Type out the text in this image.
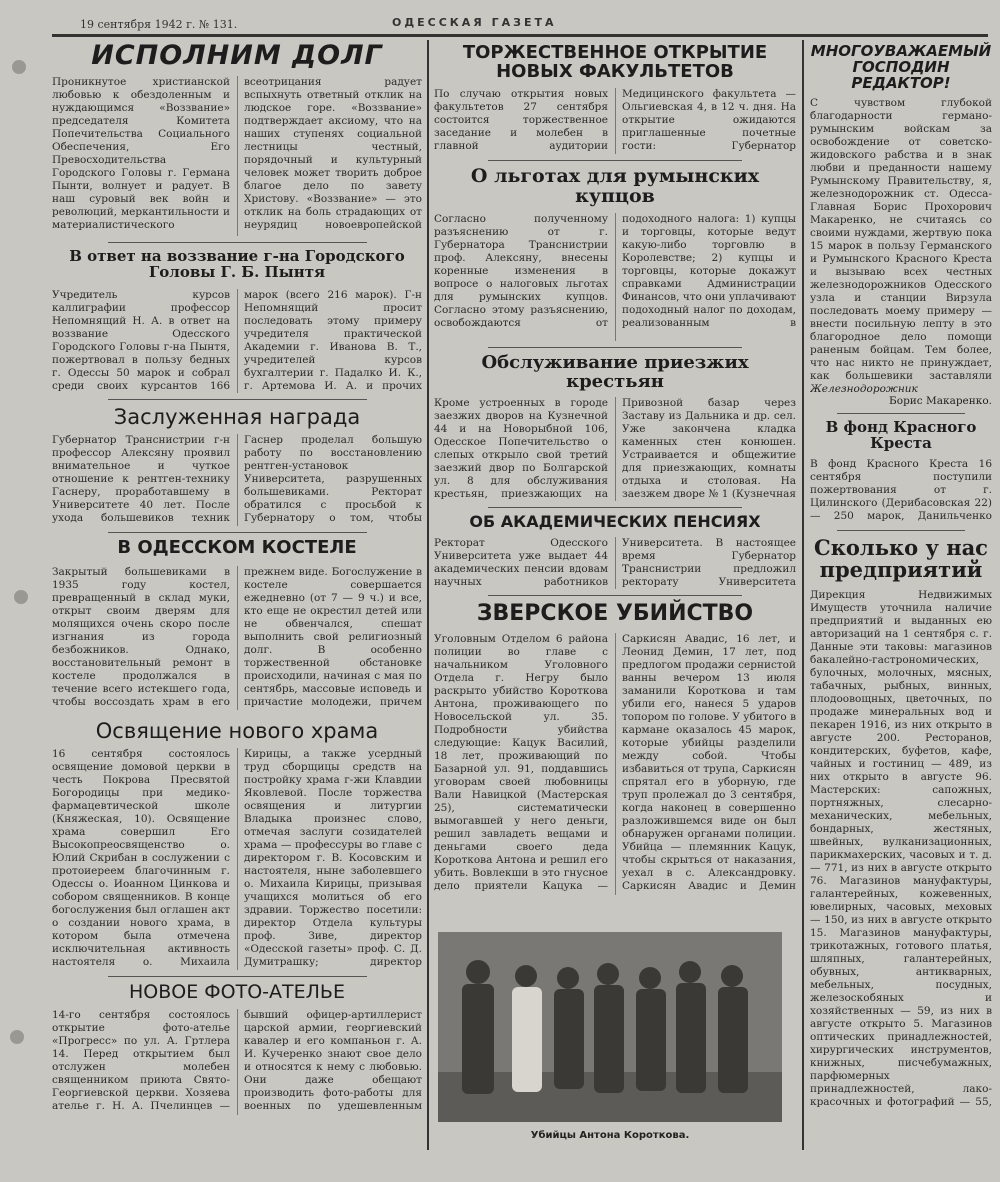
19 сентября 1942 г. № 131.	ОДЕССКАЯ ГАЗЕТА
ИСПОЛНИМ ДОЛГ

Проникнутое христианской любовью к обездоленным и нуждающимся «Воззвание» председателя Комитета Попечительства Социального Обеспечения, Его Превосходительства Городского Головы г. Германа Пынти, волнует и радует. В наш суровый век войн и революций, меркантильности и материалистического всеотрицания радует вспыхнуть ответный отклик на людское горе. «Воззвание» подтверждает аксиому, что на наших ступенях социальной лестницы честный, порядочный и культурный человек может творить доброе благое дело по завету Христову. «Воззвание» — это отклик на боль страдающих от неурядиц новоевропейской

В ответ на воззвание г-на Городского Головы Г. Б. Пынтя

Учредитель курсов каллиграфии профессор Непомнящий Н. А. в ответ на воззвание Одесского Городского Головы г-на Пынтя, пожертвовал в пользу бедных г. Одессы 50 марок и собрал среди своих курсантов 166 марок (всего 216 марок). Г-н Непомнящий просит последовать этому примеру учредителя практической Академии г. Иванова В. Т., учредителей курсов бухгалтерии г. Падалко И. К., г. Артемова И. А. и прочих

Заслуженная награда

Губернатор Транснистрии г-н профессор Алексяну проявил внимательное и чуткое отношение к рентген-технику Гаснеру, проработавшему в Университете 40 лет. После ухода большевиков техник Гаснер проделал большую работу по восстановлению рентген-установок Университета, разрушенных большевиками. Ректорат обратился с просьбой к Губернатору о том, чтобы

В ОДЕССКОМ КОСТЕЛЕ

Закрытый большевиками в 1935 году костел, превращенный в склад муки, открыт своим дверям для молящихся очень скоро после изгнания из города безбожников. Однако, восстановительный ремонт в костеле продолжался в течение всего истекшего года, чтобы воссоздать храм в его прежнем виде. Богослужение в костеле совершается ежедневно (от 7 — 9 ч.) и все, кто еще не окрестил детей или не обвенчался, спешат выполнить свой религиозный долг. В особенно торжественной обстановке происходили, начиная с мая по сентябрь, массовые исповедь и причастие молодежи, причем

Освящение нового храма

16 сентября состоялось освящение домовой церкви в честь Покрова Пресвятой Богородицы при медико-фармацевтической школе (Княжеская, 10). Освящение храма совершил Его Высокопреосвященство о. Юлий Скрибан в сослужении с протоиереем благочинным г. Одессы о. Иоанном Цинкова и собором священников. В конце богослужения был оглашен акт о создании нового храма, в котором была отмечена исключительная активность настоятеля о. Михаила Кирицы, а также усердный труд сборщицы средств на постройку храма г-жи Клавдии Яковлевой. После торжества освящения и литургии Владыка произнес слово, отмечая заслуги созидателей храма — профессуры во главе с директором г. В. Косовским и настоятеля, ныне заболевшего о. Михаила Кирицы, призывая учащихся молиться об его здравии. Торжество посетили: директор Отдела культуры проф. Зиве, директор «Одесской газеты» проф. С. Д. Думитрашку; директор

НОВОЕ ФОТО-АТЕЛЬЕ

14-го сентября состоялось открытие фото-ателье «Прогресс» по ул. А. Гртлера 14. Перед открытием был отслужен молебен священником приюта Свято-Георгиевской церкви. Хозяева ателье г. Н. А. Пчелинцев — бывший офицер-артиллерист царской армии, георгиевский кавалер и его компаньон г. А. И. Кучеренко знают свое дело и относятся к нему с любовью. Они даже обещают производить фото-работы для военных по удешевленным

ТОРЖЕСТВЕННОЕ ОТКРЫТИЕ НОВЫХ ФАКУЛЬТЕТОВ

По случаю открытия новых факультетов 27 сентября состоится торжественное заседание и молебен в главной аудитории Медицинского факультета — Ольгиевская 4, в 12 ч. дня. На открытие ожидаются приглашенные почетные гости: Губернатор

О льготах для румынских купцов

Согласно полученному разъяснению от г. Губернатора Транснистрии проф. Алексяну, внесены коренные изменения в вопросе о налоговых льготах для румынских купцов. Согласно этому разъяснению, освобождаются от подоходного налога: 1) купцы и торговцы, которые ведут какую-либо торговлю в Королевстве; 2) купцы и торговцы, которые докажут справками Администрации Финансов, что они уплачивают подоходный налог по доходам, реализованным в

Обслуживание приезжих крестьян

Кроме устроенных в городе заезжих дворов на Кузнечной 44 и на Новорыбной 106, Одесское Попечительство о слепых открыло свой третий заезжий двор по Болгарской ул. 8 для обслуживания крестьян, приезжающих на Привозной базар через Заставу из Дальника и др. сел. Уже закончена кладка каменных стен конюшен. Устраивается и общежитие для приезжающих, комнаты отдыха и столовая. На заезжем дворе № 1 (Кузнечная

ОБ АКАДЕМИЧЕСКИХ ПЕНСИЯХ

Ректорат Одесского Университета уже выдает 44 академических пенсии вдовам научных работников Университета. В настоящее время Губернатор Транснистрии предложил ректорату Университета

ЗВЕРСКОЕ УБИЙСТВО

Уголовным Отделом 6 района полиции во главе с начальником Уголовного Отдела г. Негру было раскрыто убийство Короткова Антона, проживающего по Новосельской ул. 35. Подробности убийства следующие: Кацук Василий, 18 лет, проживающий по Базарной ул. 91, поддавшись уговорам своей любовницы Вали Навицкой (Мастерская 25), систематически вымогавшей у него деньги, решил завладеть вещами и деньгами своего деда Короткова Антона и решил его убить. Вовлекши в это гнусное дело приятели Кацука — Саркисян Авадис, 16 лет, и Леонид Демин, 17 лет, под предлогом продажи сернистой ванны вечером 13 июля заманили Короткова и там убили его, нанеся 5 ударов топором по голове. У убитого в кармане оказалось 45 марок, которые убийцы разделили между собой. Чтобы избавиться от трупа, Саркисян спрятал его в уборную, где труп пролежал до 3 сентября, когда наконец в совершенно разложившемся виде он был обнаружен органами полиции. Убийца — племянник Кацук, чтобы скрыться от наказания, уехал в с. Александровку. Саркисян Авадис и Демин

Убийцы Антона Короткова.
МНОГОУВАЖАЕМЫЙ ГОСПОДИН РЕДАКТОР!

С чувством глубокой благодарности германо-румынским войскам за освобождение от советско-жидовского рабства и в знак любви и преданности нашему Румынскому Правительству, я, железнодорожник ст. Одесса-Главная Борис Прохорович Макаренко, не считаясь со своими нуждами, жертвую пока 15 марок в пользу Германского и Румынского Красного Креста и вызываю всех честных железнодорожников Одесского узла и станции Вирзула последовать моему примеру — внести посильную лепту в это благородное дело помощи раненым бойцам. Тем более, что нас никто не принуждает, как большевики заставляли

Железнодорожник
Борис Макаренко.
В фонд Красного Креста

В фонд Красного Креста 16 сентября поступили пожертвования от г. Цилинского (Дерибасовская 22) — 250 марок, Данильченко

Сколько у нас предприятий

Дирекция Недвижимых Имуществ уточнила наличие предприятий и выданных ею авторизаций на 1 сентября с. г. Данные эти таковы: магазинов бакалейно-гастрономических, булочных, молочных, мясных, табачных, рыбных, винных, плодоовощных, цветочных, по продаже минеральных вод и пекарен 1916, из них открыто в августе 200. Ресторанов, кондитерских, буфетов, кафе, чайных и гостиниц — 489, из них открыто в августе 96. Мастерских: сапожных, портняжных, слесарно-механических, мебельных, бондарных, жестяных, швейных, вулканизационных, парикмахерских, часовых и т. д. — 771, из них в августе открыто 76. Магазинов мануфактуры, галантерейных, кожевенных, ювелирных, часовых, меховых — 150, из них в августе открыто 15. Магазинов мануфактуры, трикотажных, готового платья, шляпных, галантерейных, обувных, антикварных, мебельных, посудных, железоскобяных и хозяйственных — 59, из них в августе открыто 5. Магазинов оптических принадлежностей, хирургических инструментов, книжных, писчебумажных, парфюмерных принадлежностей, лако-красочных и фотографий — 55,
